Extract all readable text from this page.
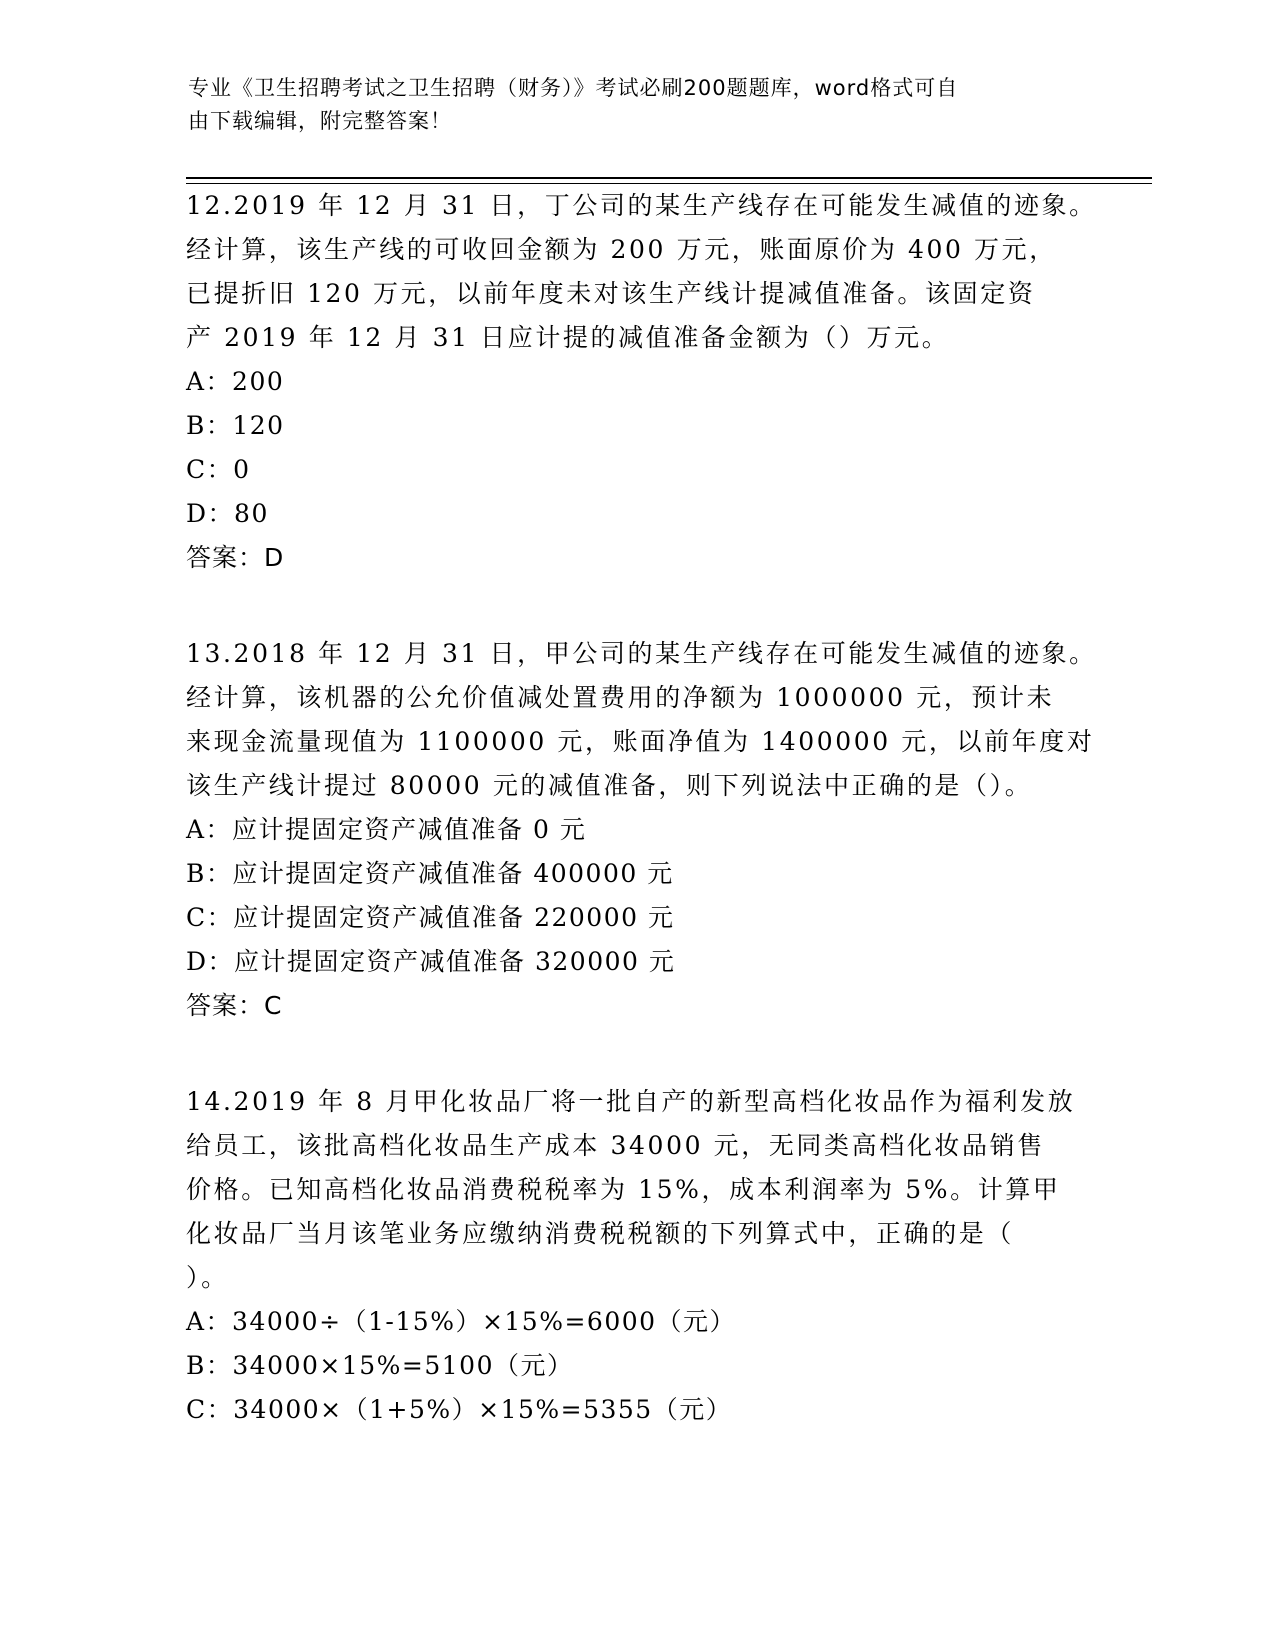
专业《卫生招聘考试之卫生招聘（财务）》考试必刷200题题库，word格式可自
由下载编辑，附完整答案！
12.2019 年 12 月 31 日，丁公司的某生产线存在可能发生减值的迹象。
经计算，该生产线的可收回金额为 200 万元，账面原价为 400 万元，
已提折旧 120 万元，以前年度未对该生产线计提减值准备。该固定资
产 2019 年 12 月 31 日应计提的减值准备金额为（）万元。
A：200
B：120
C：0
D：80
答案：D
13.2018 年 12 月 31 日，甲公司的某生产线存在可能发生减值的迹象。
经计算，该机器的公允价值减处置费用的净额为 1000000 元，预计未
来现金流量现值为 1100000 元，账面净值为 1400000 元，以前年度对
该生产线计提过 80000 元的减值准备，则下列说法中正确的是（）。
A：应计提固定资产减值准备 0 元
B：应计提固定资产减值准备 400000 元
C：应计提固定资产减值准备 220000 元
D：应计提固定资产减值准备 320000 元
答案：C
14.2019 年 8 月甲化妆品厂将一批自产的新型高档化妆品作为福利发放
给员工，该批高档化妆品生产成本 34000 元，无同类高档化妆品销售
价格。已知高档化妆品消费税税率为 15%，成本利润率为 5%。计算甲
化妆品厂当月该笔业务应缴纳消费税税额的下列算式中，正确的是（
）。
A：34000÷（1-15%）×15%=6000（元）
B：34000×15%=5100（元）
C：34000×（1+5%）×15%=5355（元）
